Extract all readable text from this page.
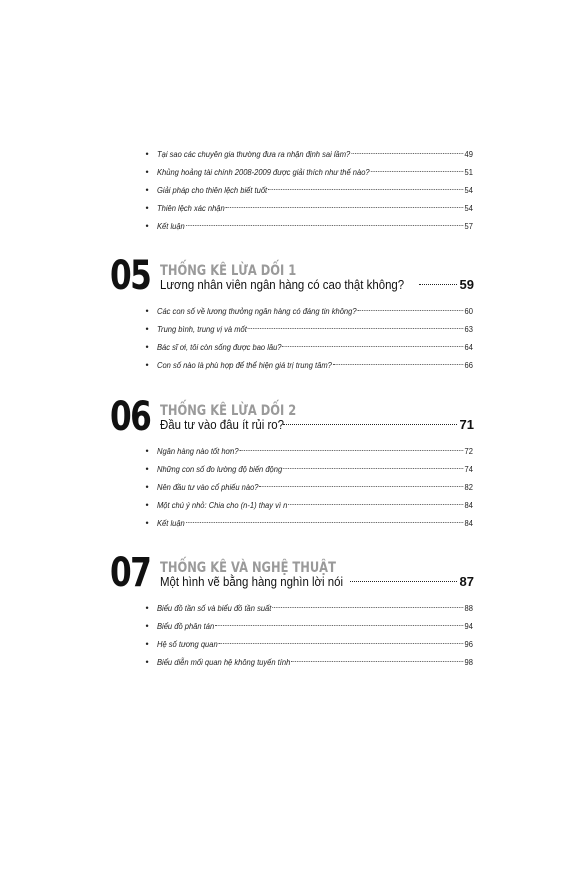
• Tại sao các chuyên gia thường đưa ra nhận định sai lầm?	49
• Khủng hoảng tài chính 2008-2009 được giải thích như thế nào?	51
• Giải pháp cho thiên lệch biết tuốt	54
• Thiên lệch xác nhận	54
• Kết luận	57
05 THỐNG KÊ LỪA DỐI 1
Lương nhân viên ngân hàng có cao thật không?	59
• Các con số về lương thưởng ngân hàng có đáng tin không?	60
• Trung bình, trung vị và mốt	63
• Bác sĩ ơi, tôi còn sống được bao lâu?	64
• Con số nào là phù hợp để thể hiện giá trị trung tâm?	66
06 THỐNG KÊ LỪA DỐI 2
Đầu tư vào đâu ít rủi ro?	71
• Ngân hàng nào tốt hơn?	72
• Những con số đo lường độ biến động	74
• Nên đầu tư vào cổ phiếu nào?	82
• Một chú ý nhỏ: Chia cho (n-1) thay vì n	84
• Kết luận	84
07 THỐNG KÊ VÀ NGHỆ THUẬT
Một hình vẽ bằng hàng nghìn lời nói	87
• Biểu đồ tần số và biểu đồ tần suất	88
• Biểu đồ phân tán	94
• Hệ số tương quan	96
• Biểu diễn mối quan hệ không tuyến tính	98
